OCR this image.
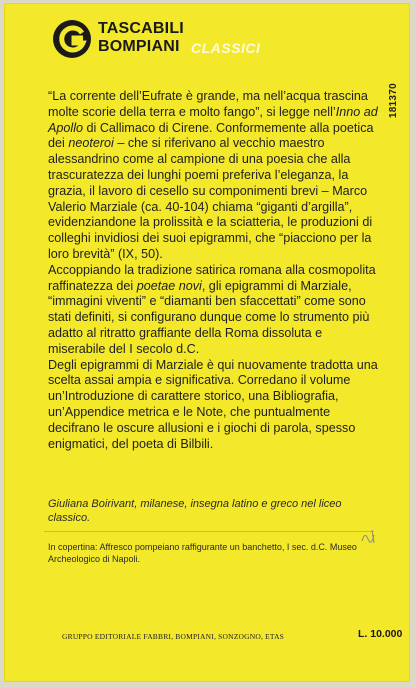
TASCABILI
BOMPIANI CLASSICI
181370

“La corrente dell’Eufrate è grande, ma nell’acqua trascina molte scorie della terra e molto fango”, si legge nell’Inno ad Apollo di Callimaco di Cirene. Conformemente alla poetica dei neoteroi – che si riferivano al vecchio maestro alessandrino come al campione di una poesia che alla trascuratezza dei lunghi poemi preferiva l’eleganza, la grazia, il lavoro di cesello su componimenti brevi – Marco Valerio Marziale (ca. 40-104) chiama “giganti d’argilla”, evidenziandone la prolissità e la sciatteria, le produzioni di colleghi invidiosi dei suoi epigrammi, che “piacciono per la loro brevità” (IX, 50).

Accoppiando la tradizione satirica romana alla cosmopolita raffinatezza dei poetae novi, gli epigrammi di Marziale, “immagini viventi” e “diamanti ben sfaccettati” come sono stati definiti, si configurano dunque come lo strumento più adatto al ritratto graffiante della Roma dissoluta e miserabile del I secolo d.C.

Degli epigrammi di Marziale è qui nuovamente tradotta una scelta assai ampia e significativa. Corredano il volume un’Introduzione di carattere storico, una Bibliografia, un’Appendice metrica e le Note, che puntualmente decifrano le oscure allusioni e i giochi di parola, spesso enigmatici, del poeta di Bilbili.

Giuliana Boirivant, milanese, insegna latino e greco nel liceo classico.
In copertina: Affresco pompeiano raffigurante un banchetto, I sec. d.C. Museo Archeologico di Napoli.
GRUPPO EDITORIALE FABBRI, BOMPIANI, SONZOGNO, ETAS	L. 10.000
